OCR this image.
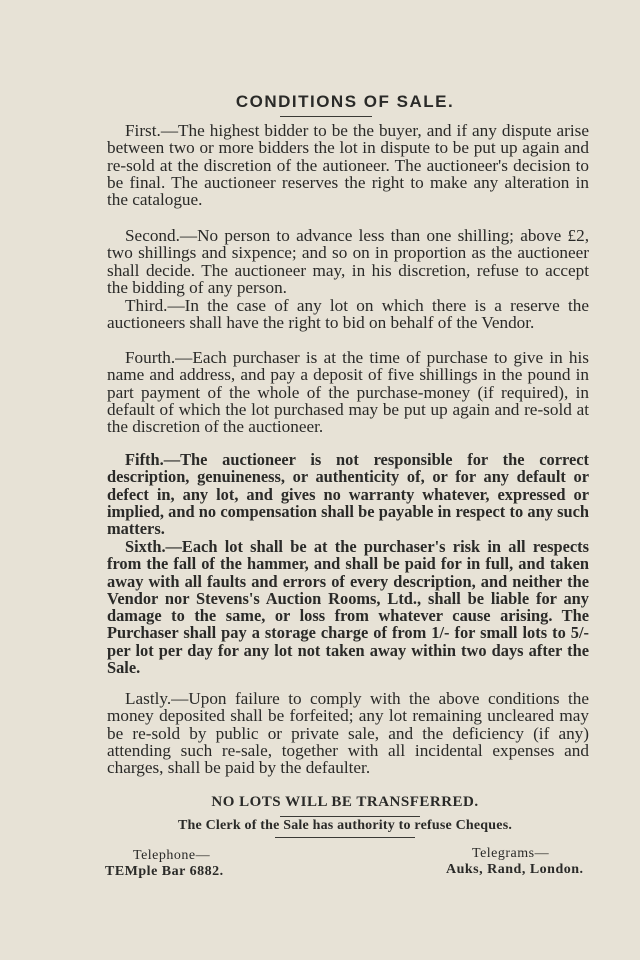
CONDITIONS OF SALE.

First.—The highest bidder to be the buyer, and if any dispute arise between two or more bidders the lot in dispute to be put up again and re-sold at the discretion of the autioneer. The auctioneer's decision to be final. The auctioneer reserves the right to make any alteration in the catalogue.

Second.—No person to advance less than one shilling; above £2, two shillings and sixpence; and so on in proportion as the auctioneer shall decide. The auctioneer may, in his discretion, refuse to accept the bidding of any person.

Third.—In the case of any lot on which there is a reserve the auctioneers shall have the right to bid on behalf of the Vendor.

Fourth.—Each purchaser is at the time of purchase to give in his name and address, and pay a deposit of five shillings in the pound in part payment of the whole of the purchase-money (if required), in default of which the lot purchased may be put up again and re-sold at the discretion of the auctioneer.

Fifth.—The auctioneer is not responsible for the correct description, genuineness, or authenticity of, or for any default or defect in, any lot, and gives no warranty whatever, expressed or implied, and no compensation shall be payable in respect to any such matters.

Sixth.—Each lot shall be at the purchaser's risk in all respects from the fall of the hammer, and shall be paid for in full, and taken away with all faults and errors of every description, and neither the Vendor nor Stevens's Auction Rooms, Ltd., shall be liable for any damage to the same, or loss from whatever cause arising. The Purchaser shall pay a storage charge of from 1/- for small lots to 5/- per lot per day for any lot not taken away within two days after the Sale.

Lastly.—Upon failure to comply with the above conditions the money deposited shall be forfeited; any lot remaining uncleared may be re-sold by public or private sale, and the deficiency (if any) attending such re-sale, together with all incidental expenses and charges, shall be paid by the defaulter.

NO LOTS WILL BE TRANSFERRED.
The Clerk of the Sale has authority to refuse Cheques.
Telephone—
TEMple Bar 6882.
Telegrams—
Auks, Rand, London.
